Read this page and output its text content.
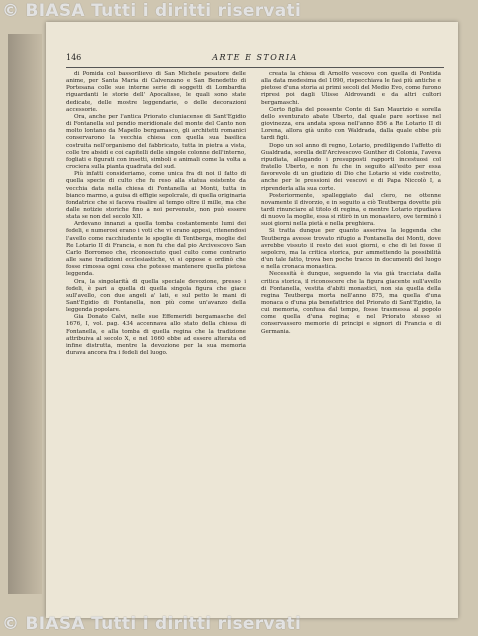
© BIASA Tutti i diritti riservati
© BIASA Tutti i diritti riservati
146	ARTE E STORIA

di Pomida col bassorilievo di San Michele pesatore delle anime, per Santa Maria di Calvenzano e San Benedetto di Portesana colle sue interne serie di soggetti di Lombardia riguardanti le storie dell' Apocalisse, le quali sono state dedicate, delle mostre leggendarie, o delle decorazioni accessorie.

Ora, anche per l'antica Priorato cluniacense di Sant'Egidio di Fontanella sul pendio meridionale del monte del Canto non molto lontano da Mapello bergamasco, gli architetti romanici conservarono la vecchia chiesa con quella sua basilica costruita nell'organismo del fabbricato, tutta in pietra a vista, colle tre absidi e coi capitelli delle singole colonne dell'interno, fogliati e figurati con insetti, simboli e animali come la volta a crociera sulla pianta quadrata del sud.

Più infatti consideriamo, come unica fra di noi il fatto di quella specie di culto che fu reso alla statua esistente da vecchia data nella chiesa di Fontanella ai Monti, tutta in bianco marmo, a guisa di effigie sepolcrale, di quella originaria fondatrice che si faceva risalire al tempo oltre il mille, ma che dalle notizie storiche fino a noi pervenute, non può essere stata se non del secolo XII.

Ardevano innanzi a quella tomba costantemente lumi dei fedeli, e numerosi erano i voti che vi erano appesi, ritenendosi l'avello come racchiudente le spoglie di Tentberga, moglie del Re Lotario II di Francia, e non fu che dal pio Arcivescovo San Carlo Borromeo che, riconosciuto quel culto come contrario alle sane tradizioni ecclesiastiche, vi si oppose e ordinò che fosse rimossa ogni cosa che potesse mantenere quella pietosa leggenda.

Ora, la singolarità di quella speciale devozione, presso i fedeli, è pari a quella di quella singola figura che giace sull'avello, con due angeli a' lati, e sul petto le mani di Sant'Egidio di Fontanella, non più come un'avanzo della leggenda popolare.

Gia Donato Calvi, nelle sue Effemeridi bergamasche del 1676, I, vol. pag. 434 accennava allo stato della chiesa di Fontanella, e alla tomba di quella regina che la tradizione attribuiva al secolo X, e nel 1660 ebbe ad essere alterata ed infine distrutta, mentre la devozione per la sua memoria durava ancora fra i fedeli del luogo.

creata la chiesa di Arnolfo vescovo con quella di Pontida alla data medesima del 1090, rispecchiava le fasi più antiche e pietose d'una storia ai primi secoli del Medio Evo, come furono ripresi poi dagli Ulisse Aldrovandi e da altri cultori bergamaschi.

Certo figlia del possente Conte di San Maurizio e sorella dello sventurato abate Uberto, dal quale pare sortisse nel giovinezza, era andata sposa nell'anno 856 a Re Lotario II di Lorena, allora già unito con Waldrada, dalla quale ebbe più tardi figli.

Dopo un sol anno di regno, Lotario, prediligendo l'affetto di Gualdrada, sorella dell'Arcivescovo Gunther di Colonia, l'aveva ripudiata, allegando i presupposti rapporti incestuosi col fratello Uberto, e non fu che in seguito all'esito per essa favorevole di un giudizio di Dio che Lotario si vide costretto, anche per le pressioni dei vescovi e di Papa Niccolò I, a riprenderla alla sua corte.

Posteriormente, spalleggiato dal clero, ne ottenne novamente il divorzio, e in seguito a ciò Teutberga dovette più tardi rinunciare al titolo di regina, e mentre Lotario ripudiava di nuovo la moglie, essa si ritirò in un monastero, ove terminò i suoi giorni nella pietà e nella preghiera.

Si tratta dunque per quanto asseriva la leggenda che Teutberga avesse trovato rifugio a Fontanella dei Monti, dove avrebbe vissuto il resto dei suoi giorni, e che di lei fosse il sepolcro, ma la critica storica, pur ammettendo la possibilità d'un tale fatto, trova ben poche tracce in documenti del luogo e nella cronaca monastica.

Necessità è dunque, seguendo la via già tracciata dalla critica storica, il riconoscere che la figura giacente sull'avello di Fontanella, vestita d'abiti monastici, non sia quella della regina Teutberga morta nell'anno 875, ma quella d'una monaca o d'una pia benefattrice del Priorato di Sant'Egidio, la cui memoria, confusa dal tempo, fosse trasmessa al popolo come quella d'una regina; e nel Priorato stesso si conservassero memorie di principi e signori di Francia e di Germania.
